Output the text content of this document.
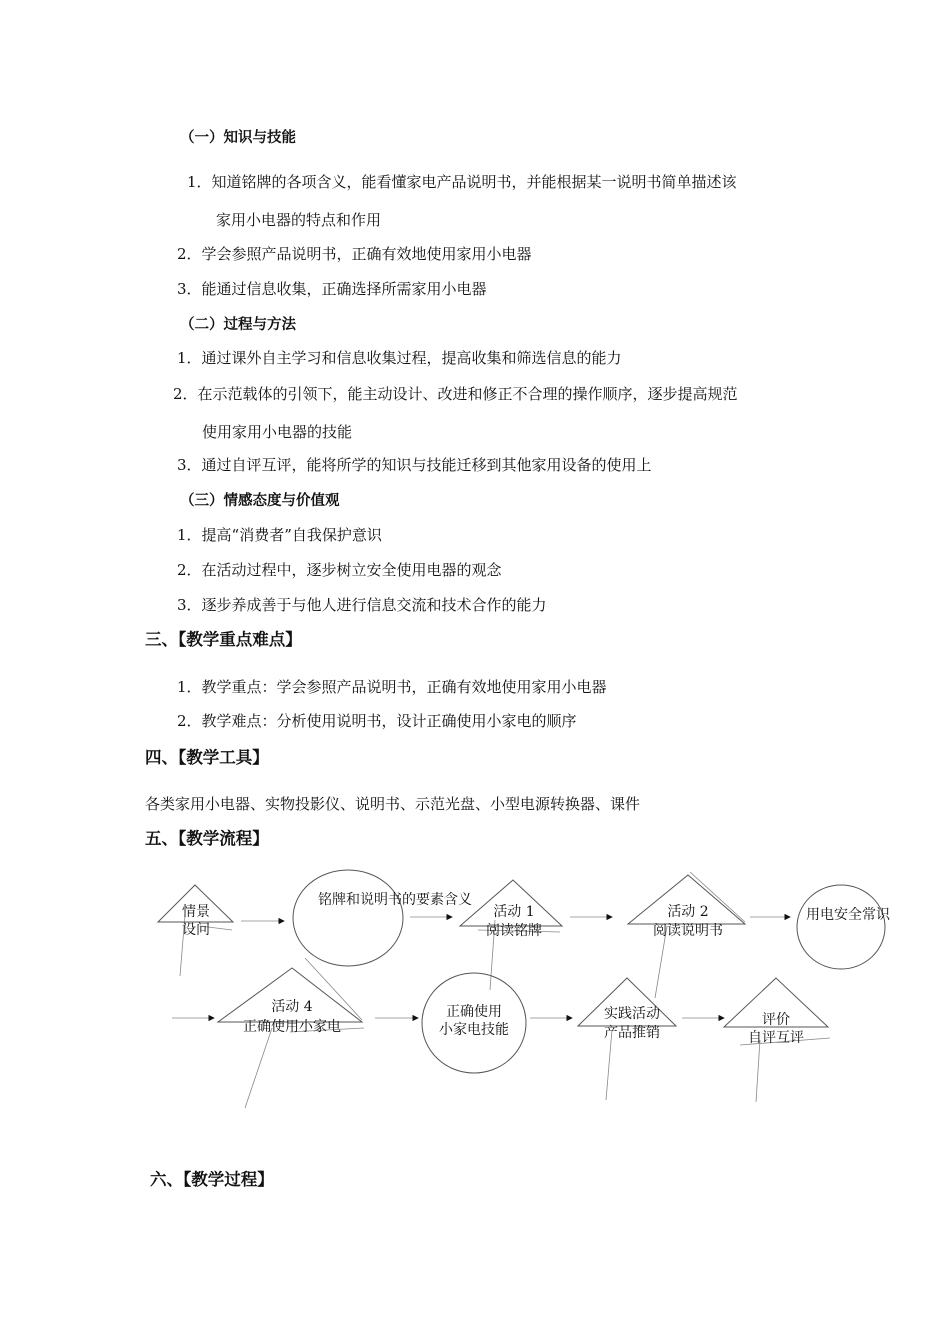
（一）知识与技能
1．知道铭牌的各项含义，能看懂家电产品说明书，并能根据某一说明书简单描述该
家用小电器的特点和作用
2．学会参照产品说明书，正确有效地使用家用小电器
3．能通过信息收集，正确选择所需家用小电器
（二）过程与方法
1．通过课外自主学习和信息收集过程，提高收集和筛选信息的能力
2．在示范载体的引领下，能主动设计、改进和修正不合理的操作顺序，逐步提高规范
使用家用小电器的技能
3．通过自评互评，能将所学的知识与技能迁移到其他家用设备的使用上
（三）情感态度与价值观
1．提高“消费者”自我保护意识
2．在活动过程中，逐步树立安全使用电器的观念
3．逐步养成善于与他人进行信息交流和技术合作的能力
三、【教学重点难点】
1．教学重点：学会参照产品说明书，正确有效地使用家用小电器
2．教学难点：分析使用说明书，设计正确使用小家电的顺序
四、【教学工具】
各类家用小电器、实物投影仪、说明书、示范光盘、小型电源转换器、课件
五、【教学流程】
情景
设问
铭牌和说明书的要素含义
活动 1
阅读铭牌
活动 2
阅读说明书
用电安全常识
活动 4
正确使用小家电
正确使用
小家电技能
实践活动
产品推销
评价
自评互评
六、【教学过程】
